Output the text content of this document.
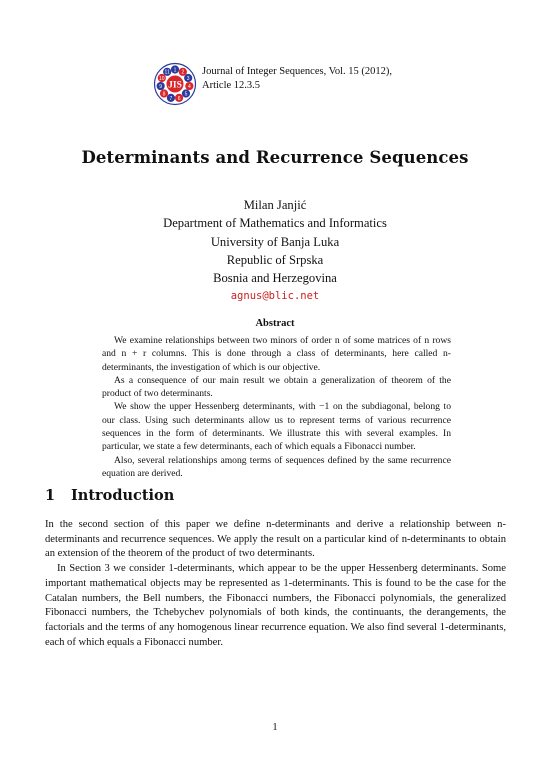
1 2
3
4
5
6
7
8
9
10
11
JIS
Journal of Integer Sequences, Vol. 15 (2012),
Article 12.3.5
Determinants and Recurrence Sequences
Milan Janjić
Department of Mathematics and Informatics
University of Banja Luka
Republic of Srpska
Bosnia and Herzegovina
agnus@blic.net
Abstract

We examine relationships between two minors of order n of some matrices of n rows and n + r columns. This is done through a class of determinants, here called n-determinants, the investigation of which is our objective.

As a consequence of our main result we obtain a generalization of theorem of the product of two determinants.

We show the upper Hessenberg determinants, with −1 on the subdiagonal, belong to our class. Using such determinants allow us to represent terms of various recurrence sequences in the form of determinants. We illustrate this with several examples. In particular, we state a few determinants, each of which equals a Fibonacci number.

Also, several relationships among terms of sequences defined by the same recurrence equation are derived.

1 Introduction

In the second section of this paper we define n-determinants and derive a relationship between n-determinants and recurrence sequences. We apply the result on a particular kind of n-determinants to obtain an extension of the theorem of the product of two determinants.

In Section 3 we consider 1-determinants, which appear to be the upper Hessenberg determinants. Some important mathematical objects may be represented as 1-determinants. This is found to be the case for the Catalan numbers, the Bell numbers, the Fibonacci numbers, the Fibonacci polynomials, the generalized Fibonacci numbers, the Tchebychev polynomials of both kinds, the continuants, the derangements, the factorials and the terms of any homogenous linear recurrence equation. We also find several 1-determinants, each of which equals a Fibonacci number.

1
